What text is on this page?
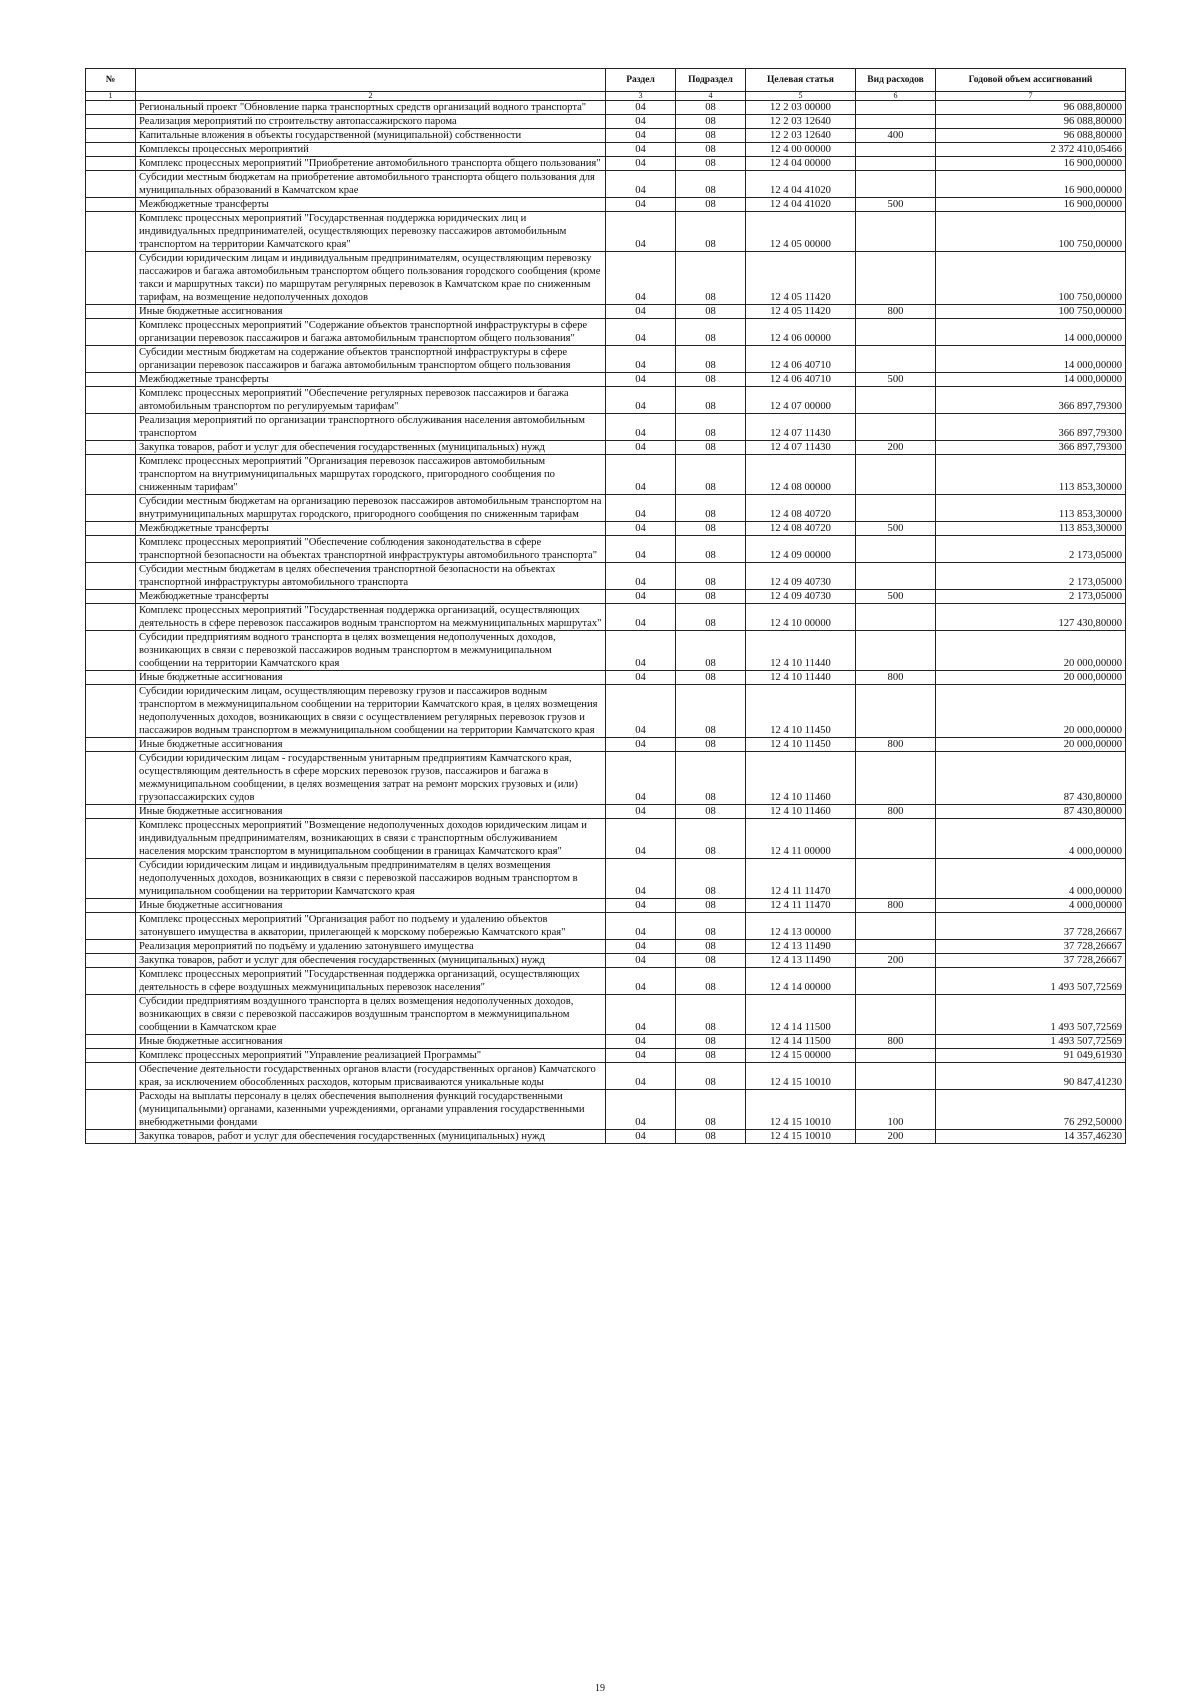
№		Раздел	Подраздел	Целевая статья	Вид расходов	Годовой объем ассигнований
1	2	3	4	5	6	7
	Региональный проект "Обновление парка транспортных средств организаций водного транспорта"	04	08	12 2 03 00000		96 088,80000
	Реализация мероприятий по строительству автопассажирского парома	04	08	12 2 03 12640		96 088,80000
	Капитальные вложения в объекты государственной (муниципальной) собственности	04	08	12 2 03 12640	400	96 088,80000
	Комплексы процессных мероприятий	04	08	12 4 00 00000		2 372 410,05466
	Комплекс процессных мероприятий "Приобретение автомобильного транспорта общего пользования"	04	08	12 4 04 00000		16 900,00000
	Субсидии местным бюджетам на приобретение автомобильного транспорта общего пользования для муниципальных образований в Камчатском крае	04	08	12 4 04 41020		16 900,00000
	Межбюджетные трансферты	04	08	12 4 04 41020	500	16 900,00000
	Комплекс процессных мероприятий "Государственная поддержка юридических лиц и индивидуальных предпринимателей, осуществляющих перевозку пассажиров автомобильным транспортом на территории Камчатского края"	04	08	12 4 05 00000		100 750,00000
	Субсидии юридическим лицам и индивидуальным предпринимателям, осуществляющим перевозку пассажиров и багажа автомобильным транспортом общего пользования городского сообщения (кроме такси и маршрутных такси) по маршрутам регулярных перевозок в Камчатском крае по сниженным тарифам, на возмещение недополученных доходов	04	08	12 4 05 11420		100 750,00000
	Иные бюджетные ассигнования	04	08	12 4 05 11420	800	100 750,00000
	Комплекс процессных мероприятий "Содержание объектов транспортной инфраструктуры в сфере организации перевозок пассажиров и багажа автомобильным транспортом общего пользования"	04	08	12 4 06 00000		14 000,00000
	Субсидии местным бюджетам на содержание объектов транспортной инфраструктуры в сфере организации перевозок пассажиров и багажа автомобильным транспортом общего пользования	04	08	12 4 06 40710		14 000,00000
	Межбюджетные трансферты	04	08	12 4 06 40710	500	14 000,00000
	Комплекс процессных мероприятий "Обеспечение регулярных перевозок пассажиров и багажа автомобильным транспортом по регулируемым тарифам"	04	08	12 4 07 00000		366 897,79300
	Реализация мероприятий по организации транспортного обслуживания населения автомобильным транспортом	04	08	12 4 07 11430		366 897,79300
	Закупка товаров, работ и услуг для обеспечения государственных (муниципальных) нужд	04	08	12 4 07 11430	200	366 897,79300
	Комплекс процессных мероприятий "Организация перевозок пассажиров автомобильным транспортом на внутримуниципальных маршрутах городского, пригородного сообщения по сниженным тарифам"	04	08	12 4 08 00000		113 853,30000
	Субсидии местным бюджетам на организацию перевозок пассажиров автомобильным транспортом на внутримуниципальных маршрутах городского, пригородного сообщения по сниженным тарифам	04	08	12 4 08 40720		113 853,30000
	Межбюджетные трансферты	04	08	12 4 08 40720	500	113 853,30000
	Комплекс процессных мероприятий "Обеспечение соблюдения законодательства в сфере транспортной безопасности на объектах транспортной инфраструктуры автомобильного транспорта"	04	08	12 4 09 00000		2 173,05000
	Субсидии местным бюджетам в целях обеспечения транспортной безопасности на объектах транспортной инфраструктуры автомобильного транспорта	04	08	12 4 09 40730		2 173,05000
	Межбюджетные трансферты	04	08	12 4 09 40730	500	2 173,05000
	Комплекс процессных мероприятий "Государственная поддержка организаций, осуществляющих деятельность в сфере перевозок пассажиров водным транспортом на межмуниципальных маршрутах"	04	08	12 4 10 00000		127 430,80000
	Субсидии предприятиям водного транспорта в целях возмещения недополученных доходов, возникающих в связи с перевозкой пассажиров водным транспортом в межмуниципальном сообщении на территории Камчатского края	04	08	12 4 10 11440		20 000,00000
	Иные бюджетные ассигнования	04	08	12 4 10 11440	800	20 000,00000
	Субсидии юридическим лицам, осуществляющим перевозку грузов и пассажиров водным транспортом в межмуниципальном сообщении на территории Камчатского края, в целях возмещения недополученных доходов, возникающих в связи с осуществлением регулярных перевозок грузов и пассажиров водным транспортом в межмуниципальном сообщении на территории Камчатского края	04	08	12 4 10 11450		20 000,00000
	Иные бюджетные ассигнования	04	08	12 4 10 11450	800	20 000,00000
	Субсидии юридическим лицам - государственным унитарным предприятиям Камчатского края, осуществляющим деятельность в сфере морских перевозок грузов, пассажиров и багажа в межмуниципальном сообщении, в целях возмещения затрат на ремонт морских грузовых и (или) грузопассажирских судов	04	08	12 4 10 11460		87 430,80000
	Иные бюджетные ассигнования	04	08	12 4 10 11460	800	87 430,80000
	Комплекс процессных мероприятий "Возмещение недополученных доходов юридическим лицам и индивидуальным предпринимателям, возникающих в связи с транспортным обслуживанием населения морским транспортом в муниципальном сообщении в границах Камчатского края"	04	08	12 4 11 00000		4 000,00000
	Субсидии юридическим лицам и индивидуальным предпринимателям в целях возмещения недополученных доходов, возникающих в связи с перевозкой пассажиров водным транспортом в муниципальном сообщении на территории Камчатского края	04	08	12 4 11 11470		4 000,00000
	Иные бюджетные ассигнования	04	08	12 4 11 11470	800	4 000,00000
	Комплекс процессных мероприятий "Организация работ по подъему и удалению объектов затонувшего имущества в акватории, прилегающей к морскому побережью Камчатского края"	04	08	12 4 13 00000		37 728,26667
	Реализация мероприятий по подъёму и удалению затонувшего имущества	04	08	12 4 13 11490		37 728,26667
	Закупка товаров, работ и услуг для обеспечения государственных (муниципальных) нужд	04	08	12 4 13 11490	200	37 728,26667
	Комплекс процессных мероприятий "Государственная поддержка организаций, осуществляющих деятельность в сфере воздушных межмуниципальных перевозок населения"	04	08	12 4 14 00000		1 493 507,72569
	Субсидии предприятиям воздушного транспорта в целях возмещения недополученных доходов, возникающих в связи с перевозкой пассажиров воздушным транспортом в межмуниципальном сообщении в Камчатском крае	04	08	12 4 14 11500		1 493 507,72569
	Иные бюджетные ассигнования	04	08	12 4 14 11500	800	1 493 507,72569
	Комплекс процессных мероприятий "Управление реализацией Программы"	04	08	12 4 15 00000		91 049,61930
	Обеспечение деятельности государственных органов власти (государственных органов) Камчатского края, за исключением обособленных расходов, которым присваиваются уникальные коды	04	08	12 4 15 10010		90 847,41230
	Расходы на выплаты персоналу в целях обеспечения выполнения функций государственными (муниципальными) органами, казенными учреждениями, органами управления государственными внебюджетными фондами	04	08	12 4 15 10010	100	76 292,50000
	Закупка товаров, работ и услуг для обеспечения государственных (муниципальных) нужд	04	08	12 4 15 10010	200	14 357,46230
19
